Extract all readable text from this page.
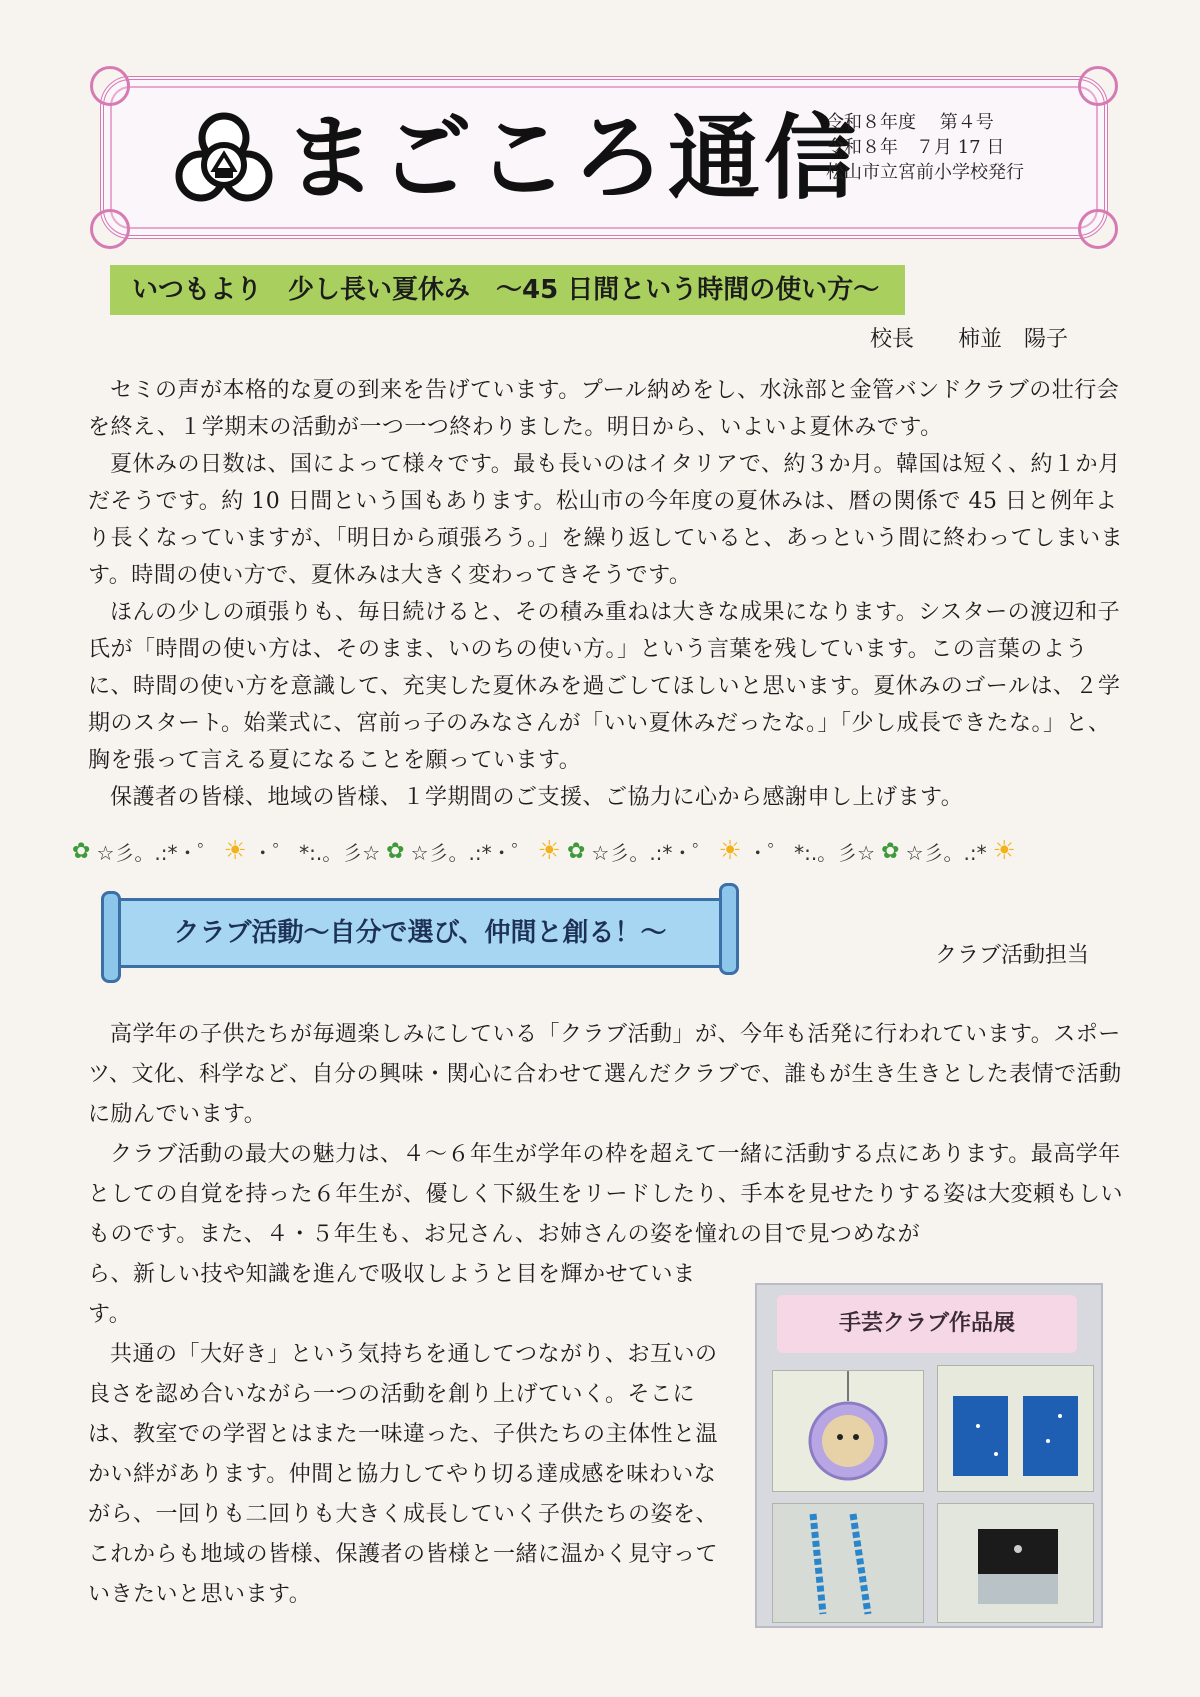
まごころ通信
令和８年度　 第４号
令和８年　７月 17 日
松山市立宮前小学校発行
いつもより　少し長い夏休み　～45 日間という時間の使い方～
校長　　柿並　陽子

セミの声が本格的な夏の到来を告げています。プール納めをし、水泳部と金管バンドクラブの壮行会を終え、１学期末の活動が一つ一つ終わりました。明日から、いよいよ夏休みです。

夏休みの日数は、国によって様々です。最も長いのはイタリアで、約３か月。韓国は短く、約１か月だそうです。約 10 日間という国もあります。松山市の今年度の夏休みは、暦の関係で 45 日と例年より長くなっていますが、「明日から頑張ろう。」を繰り返していると、あっという間に終わってしまいます。時間の使い方で、夏休みは大きく変わってきそうです。

ほんの少しの頑張りも、毎日続けると、その積み重ねは大きな成果になります。シスターの渡辺和子氏が「時間の使い方は、そのまま、いのちの使い方。」という言葉を残しています。この言葉のように、時間の使い方を意識して、充実した夏休みを過ごしてほしいと思います。夏休みのゴールは、２学期のスタート。始業式に、宮前っ子のみなさんが「いい夏休みだったな。」「少し成長できたな。」と、胸を張って言える夏になることを願っています。

保護者の皆様、地域の皆様、１学期間のご支援、ご協力に心から感謝申し上げます。

✿ ☆彡。.:*・゜ ☀ ・゜ *:.。彡☆ ✿ ☆彡。.:*・゜ ☀ ✿ ☆彡。.:*・゜ ☀ ・゜ *:.。彡☆ ✿ ☆彡。.:* ☀
クラブ活動～自分で選び、仲間と創る！～
クラブ活動担当

高学年の子供たちが毎週楽しみにしている「クラブ活動」が、今年も活発に行われています。スポーツ、文化、科学など、自分の興味・関心に合わせて選んだクラブで、誰もが生き生きとした表情で活動に励んでいます。

クラブ活動の最大の魅力は、４～６年生が学年の枠を超えて一緒に活動する点にあります。最高学年としての自覚を持った６年生が、優しく下級生をリードしたり、手本を見せたりする姿は大変頼もしいものです。また、４・５年生も、お兄さん、お姉さんの姿を憧れの目で見つめなが

ら、新しい技や知識を進んで吸収しようと目を輝かせています。

共通の「大好き」という気持ちを通してつながり、お互いの良さを認め合いながら一つの活動を創り上げていく。そこには、教室での学習とはまた一味違った、子供たちの主体性と温かい絆があります。仲間と協力してやり切る達成感を味わいながら、一回りも二回りも大きく成長していく子供たちの姿を、これからも地域の皆様、保護者の皆様と一緒に温かく見守っていきたいと思います。

手芸クラブ作品展
